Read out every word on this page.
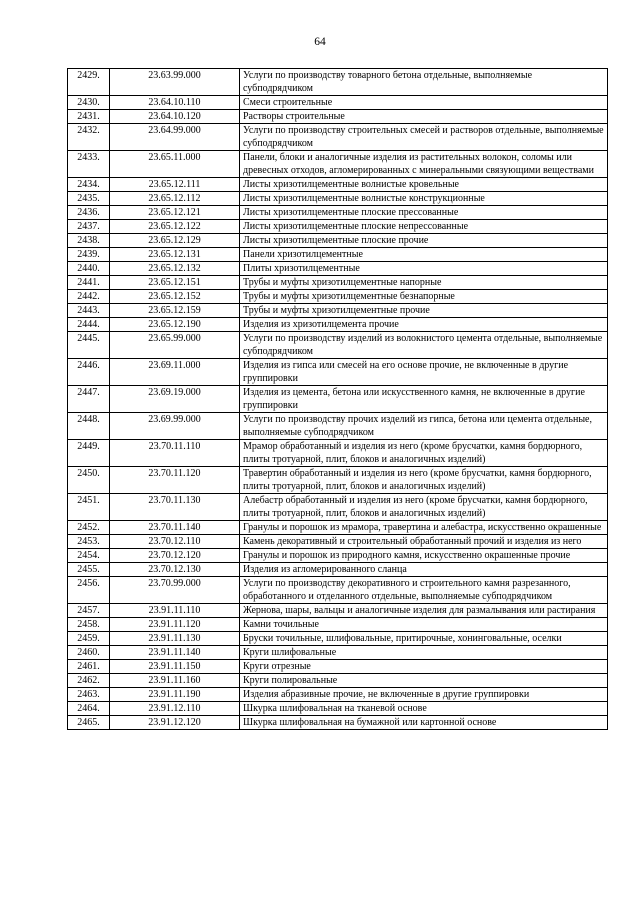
64
2429.	23.63.99.000	Услуги по производству товарного бетона отдельные, выполняемые субподрядчиком
2430.	23.64.10.110	Смеси строительные
2431.	23.64.10.120	Растворы строительные
2432.	23.64.99.000	Услуги по производству строительных смесей и растворов отдельные, выполняемые субподрядчиком
2433.	23.65.11.000	Панели, блоки и аналогичные изделия из растительных волокон, соломы или древесных отходов, агломерированных с минеральными связующими веществами
2434.	23.65.12.111	Листы хризотилцементные волнистые кровельные
2435.	23.65.12.112	Листы хризотилцементные волнистые конструкционные
2436.	23.65.12.121	Листы хризотилцементные плоские прессованные
2437.	23.65.12.122	Листы хризотилцементные плоские непрессованные
2438.	23.65.12.129	Листы хризотилцементные плоские прочие
2439.	23.65.12.131	Панели хризотилцементные
2440.	23.65.12.132	Плиты хризотилцементные
2441.	23.65.12.151	Трубы и муфты хризотилцементные напорные
2442.	23.65.12.152	Трубы и муфты хризотилцементные безнапорные
2443.	23.65.12.159	Трубы и муфты хризотилцементные прочие
2444.	23.65.12.190	Изделия из хризотилцемента прочие
2445.	23.65.99.000	Услуги по производству изделий из волокнистого цемента отдельные, выполняемые субподрядчиком
2446.	23.69.11.000	Изделия из гипса или смесей на его основе прочие, не включенные в другие группировки
2447.	23.69.19.000	Изделия из цемента, бетона или искусственного камня, не включенные в другие группировки
2448.	23.69.99.000	Услуги по производству прочих изделий из гипса, бетона или цемента отдельные, выполняемые субподрядчиком
2449.	23.70.11.110	Мрамор обработанный и изделия из него (кроме брусчатки, камня бордюрного, плиты тротуарной, плит, блоков и аналогичных изделий)
2450.	23.70.11.120	Травертин обработанный и изделия из него (кроме брусчатки, камня бордюрного, плиты тротуарной, плит, блоков и аналогичных изделий)
2451.	23.70.11.130	Алебастр обработанный и изделия из него (кроме брусчатки, камня бордюрного, плиты тротуарной, плит, блоков и аналогичных изделий)
2452.	23.70.11.140	Гранулы и порошок из мрамора, травертина и алебастра, искусственно окрашенные
2453.	23.70.12.110	Камень декоративный и строительный обработанный прочий и изделия из него
2454.	23.70.12.120	Гранулы и порошок из природного камня, искусственно окрашенные прочие
2455.	23.70.12.130	Изделия из агломерированного сланца
2456.	23.70.99.000	Услуги по производству декоративного и строительного камня разрезанного, обработанного и отделанного отдельные, выполняемые субподрядчиком
2457.	23.91.11.110	Жернова, шары, вальцы и аналогичные изделия для размалывания или растирания
2458.	23.91.11.120	Камни точильные
2459.	23.91.11.130	Бруски точильные, шлифовальные, притирочные, хонинговальные, оселки
2460.	23.91.11.140	Круги шлифовальные
2461.	23.91.11.150	Круги отрезные
2462.	23.91.11.160	Круги полировальные
2463.	23.91.11.190	Изделия абразивные прочие, не включенные в другие группировки
2464.	23.91.12.110	Шкурка шлифовальная на тканевой основе
2465.	23.91.12.120	Шкурка шлифовальная на бумажной или картонной основе
